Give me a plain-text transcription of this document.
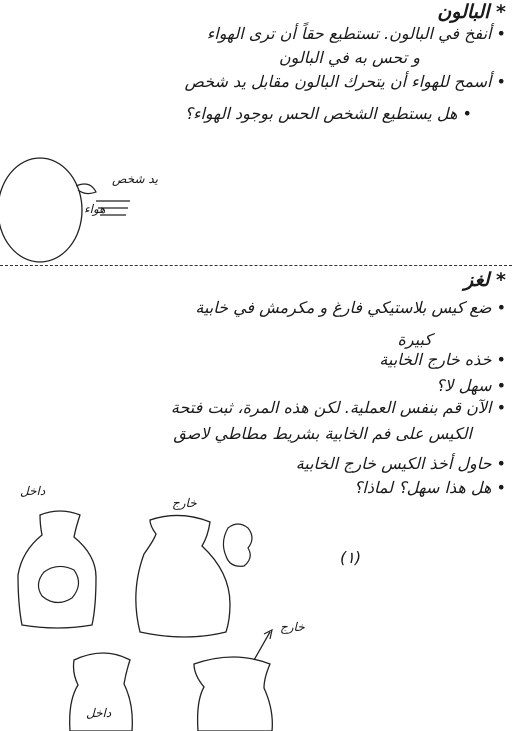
* البالون
• أنفخ في البالون. تستطيع حقاً أن ترى الهواء
و تحس به في البالون
• أسمح للهواء أن يتحرك البالون مقابل يد شخص
• هل يستطيع الشخص الحس بوجود الهواء؟
يد شخص
هواء
* لغز
• ضع كيس بلاستيكي فارغ و مكرمش في خابية
كبيرة
• خذه خارج الخابية
• سهل لا؟
• الآن قم بنفس العملية. لكن هذه المرة، ثبت فتحة
الكيس على فم الخابية بشريط مطاطي لاصق
• حاول أخذ الكيس خارج الخابية
• هل هذا سهل؟ لماذا؟
داخل
خارج
(١)
خارج
داخل
